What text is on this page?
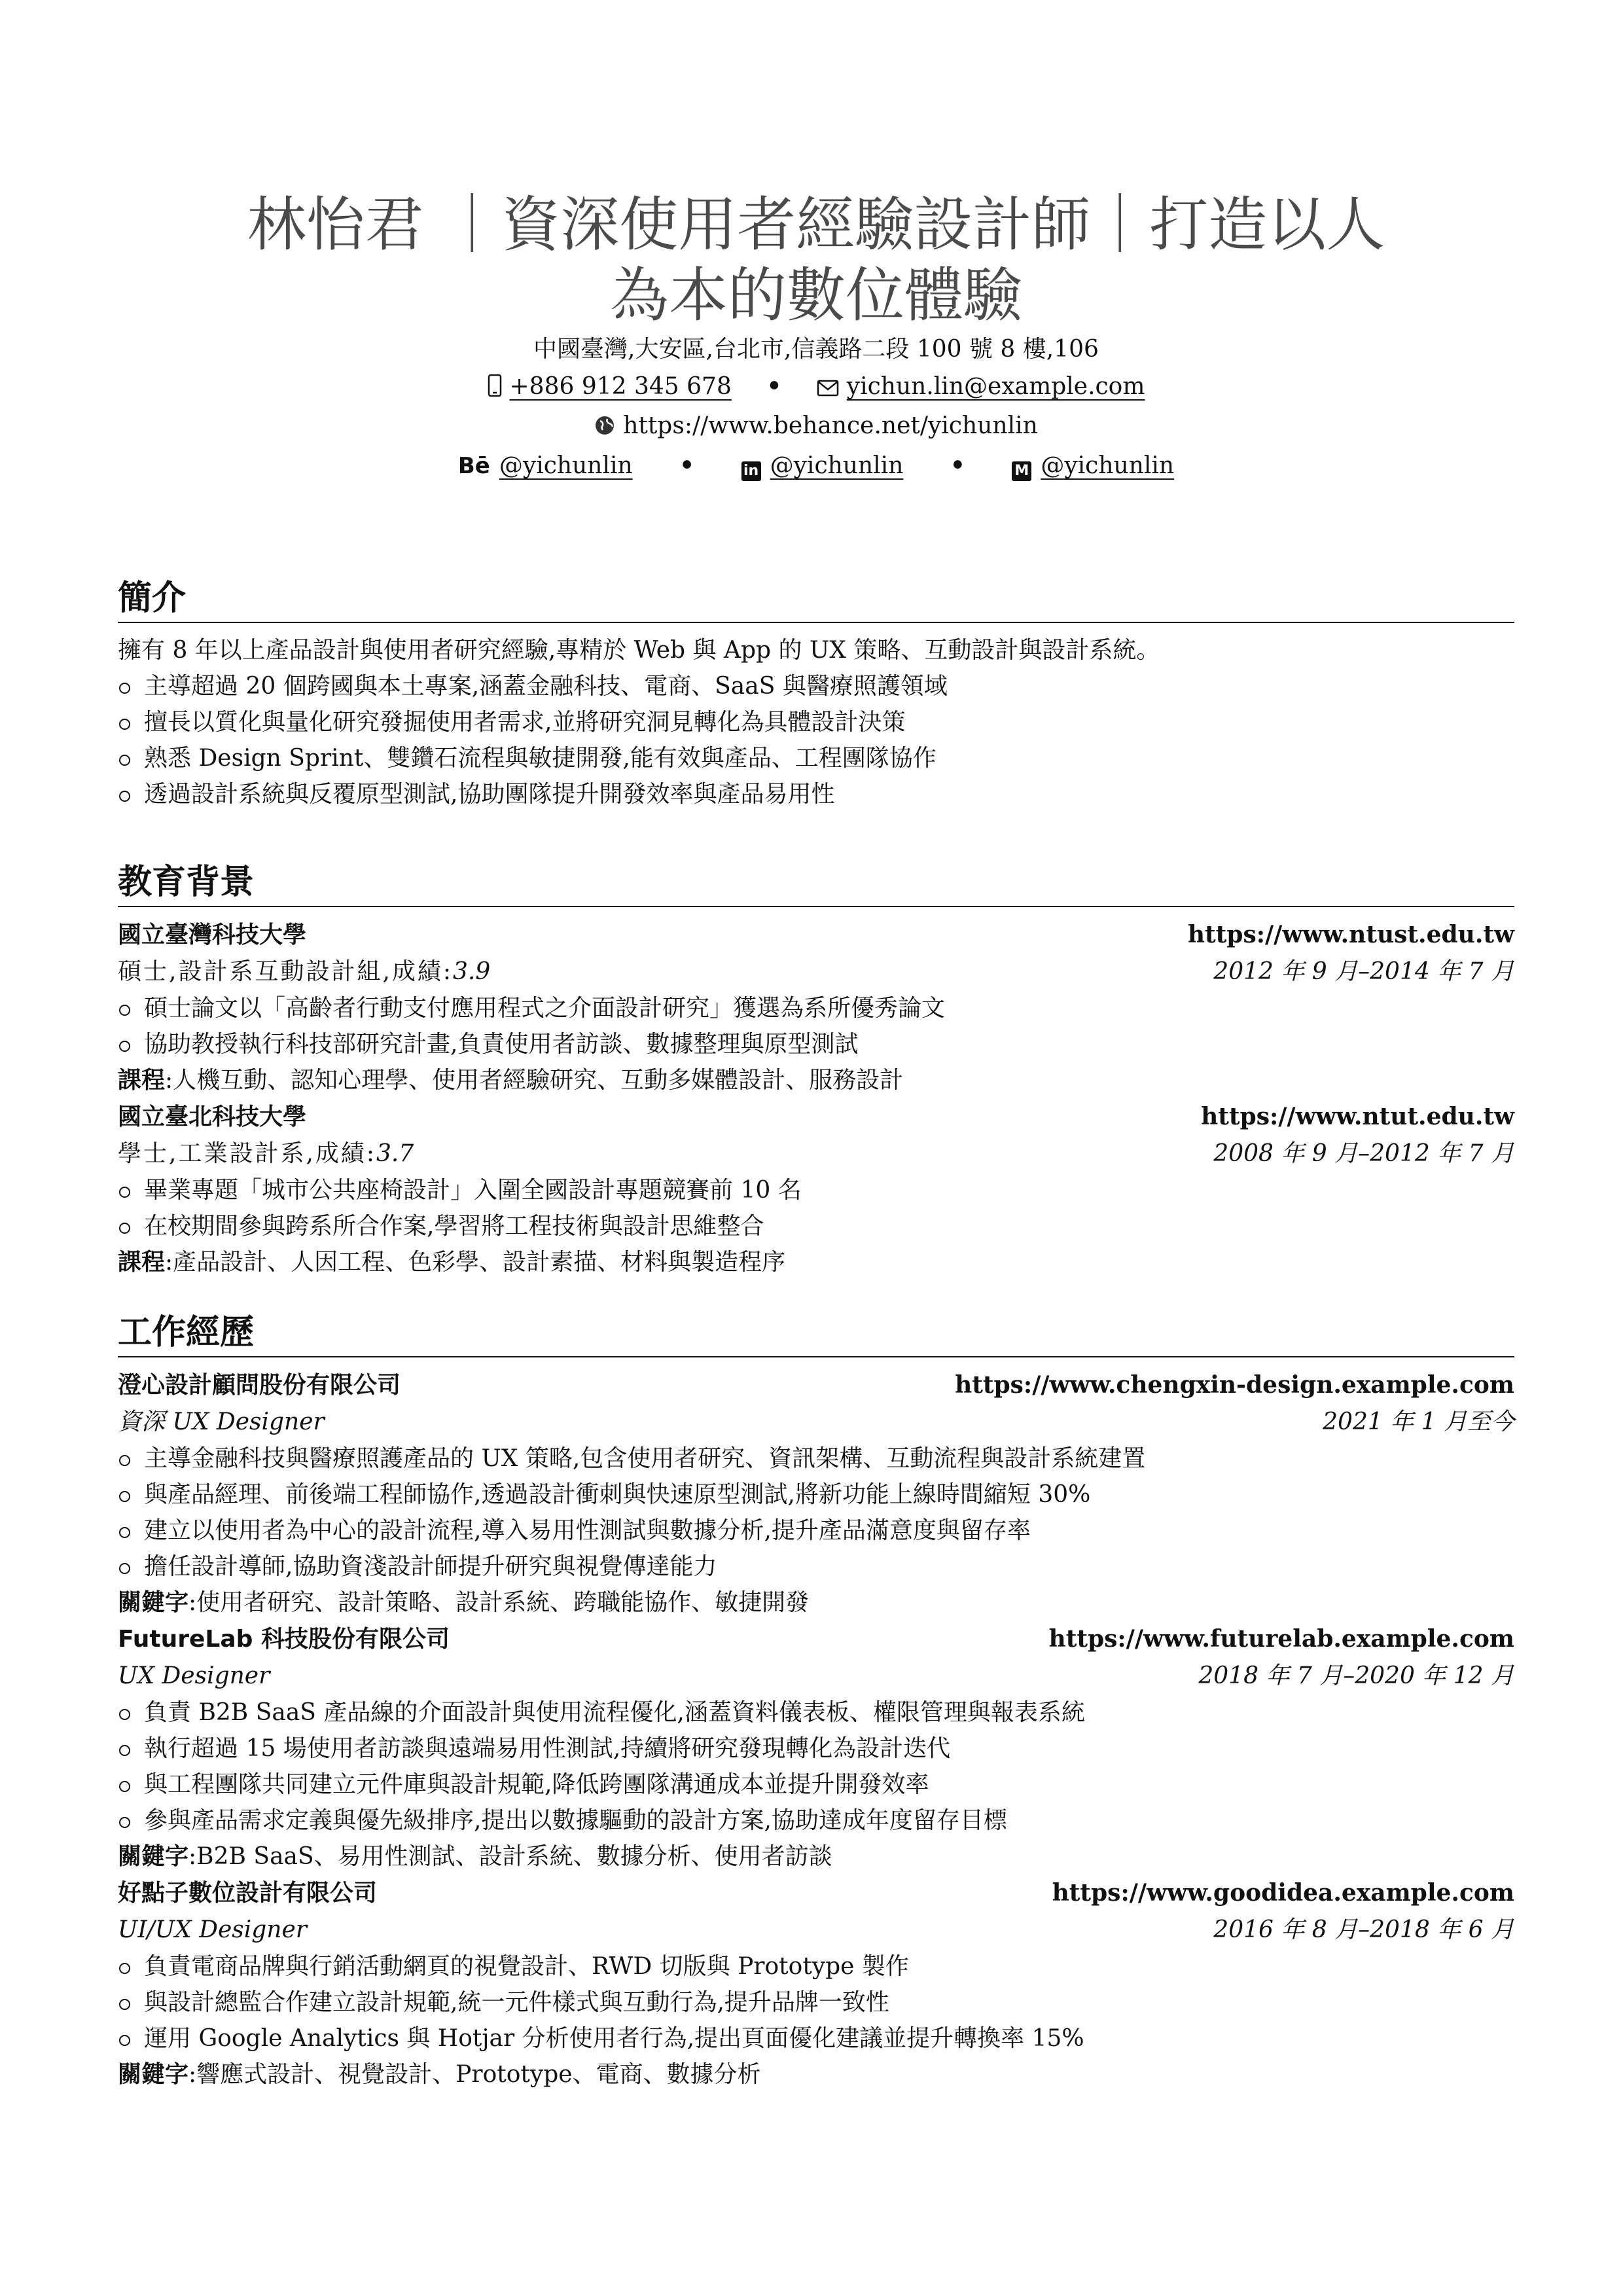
林怡君 ｜資深使用者經驗設計師｜打造以人為本的數位體驗
中國臺灣,大安區,台北市,信義路二段 100 號 8 樓,106
+886 912 345 678 •	yichun.lin@example.com
https://www.behance.net/yichunlin
Bē @yichunlin •	in @yichunlin •	M @yichunlin
簡介
擁有 8 年以上產品設計與使用者研究經驗,專精於 Web 與 App 的 UX 策略、互動設計與設計系統。
主導超過 20 個跨國與本土專案,涵蓋金融科技、電商、SaaS 與醫療照護領域
擅長以質化與量化研究發掘使用者需求,並將研究洞見轉化為具體設計決策
熟悉 Design Sprint、雙鑽石流程與敏捷開發,能有效與產品、工程團隊協作
透過設計系統與反覆原型測試,協助團隊提升開發效率與產品易用性
教育背景
國立臺灣科技大學	https://www.ntust.edu.tw
碩士,設計系互動設計組,成績:3.9	2012 年 9 月–2014 年 7 月
碩士論文以「高齡者行動支付應用程式之介面設計研究」獲選為系所優秀論文
協助教授執行科技部研究計畫,負責使用者訪談、數據整理與原型測試
課程:人機互動、認知心理學、使用者經驗研究、互動多媒體設計、服務設計
國立臺北科技大學	https://www.ntut.edu.tw
學士,工業設計系,成績:3.7	2008 年 9 月–2012 年 7 月
畢業專題「城市公共座椅設計」入圍全國設計專題競賽前 10 名
在校期間參與跨系所合作案,學習將工程技術與設計思維整合
課程:產品設計、人因工程、色彩學、設計素描、材料與製造程序
工作經歷
澄心設計顧問股份有限公司	https://www.chengxin-design.example.com
資深 UX Designer	2021 年 1 月至今
主導金融科技與醫療照護產品的 UX 策略,包含使用者研究、資訊架構、互動流程與設計系統建置
與產品經理、前後端工程師協作,透過設計衝刺與快速原型測試,將新功能上線時間縮短 30%
建立以使用者為中心的設計流程,導入易用性測試與數據分析,提升產品滿意度與留存率
擔任設計導師,協助資淺設計師提升研究與視覺傳達能力
關鍵字:使用者研究、設計策略、設計系統、跨職能協作、敏捷開發
FutureLab 科技股份有限公司	https://www.futurelab.example.com
UX Designer	2018 年 7 月–2020 年 12 月
負責 B2B SaaS 產品線的介面設計與使用流程優化,涵蓋資料儀表板、權限管理與報表系統
執行超過 15 場使用者訪談與遠端易用性測試,持續將研究發現轉化為設計迭代
與工程團隊共同建立元件庫與設計規範,降低跨團隊溝通成本並提升開發效率
參與產品需求定義與優先級排序,提出以數據驅動的設計方案,協助達成年度留存目標
關鍵字:B2B SaaS、易用性測試、設計系統、數據分析、使用者訪談
好點子數位設計有限公司	https://www.goodidea.example.com
UI/UX Designer	2016 年 8 月–2018 年 6 月
負責電商品牌與行銷活動網頁的視覺設計、RWD 切版與 Prototype 製作
與設計總監合作建立設計規範,統一元件樣式與互動行為,提升品牌一致性
運用 Google Analytics 與 Hotjar 分析使用者行為,提出頁面優化建議並提升轉換率 15%
關鍵字:響應式設計、視覺設計、Prototype、電商、數據分析
